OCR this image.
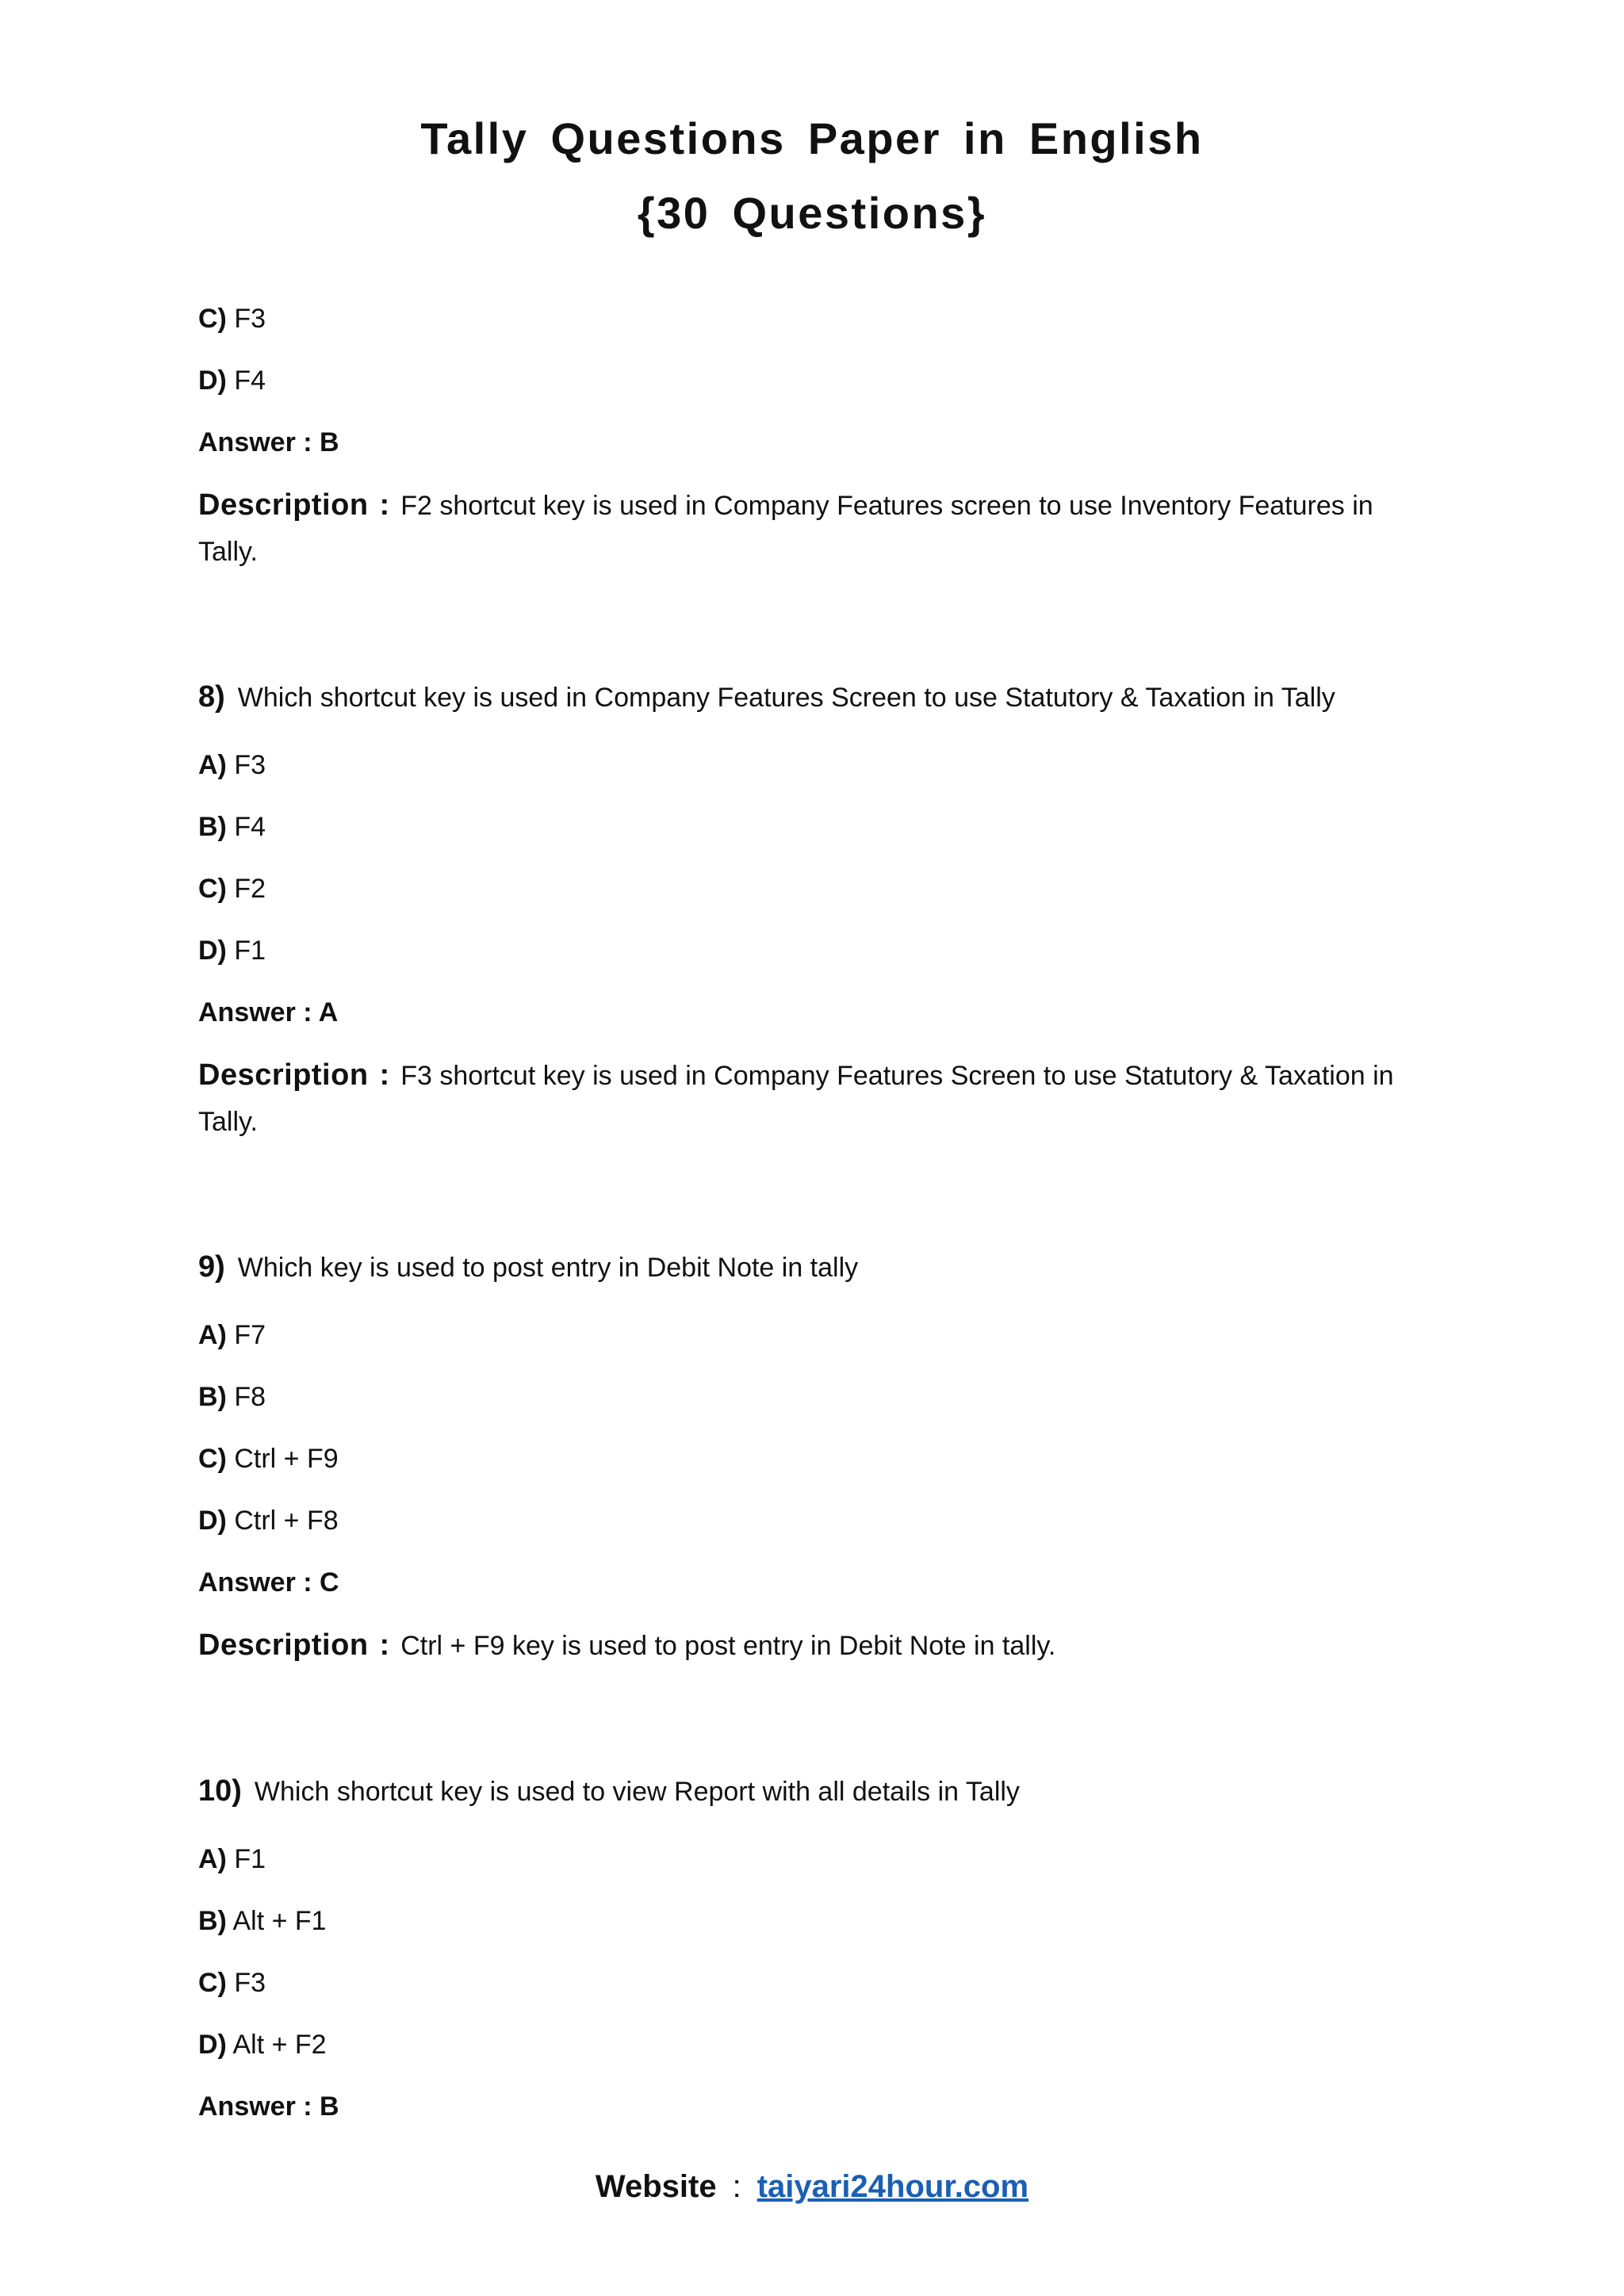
Tally Questions Paper in English
{30 Questions}
C) F3
D) F4
Answer : B
Description : F2 shortcut key is used in Company Features screen to use Inventory Features in Tally.
8) Which shortcut key is used in Company Features Screen to use Statutory & Taxation in Tally
A) F3
B) F4
C) F2
D) F1
Answer : A
Description : F3 shortcut key is used in Company Features Screen to use Statutory & Taxation in Tally.
9) Which key is used to post entry in Debit Note in tally
A) F7
B) F8
C) Ctrl + F9
D) Ctrl + F8
Answer : C
Description : Ctrl + F9 key is used to post entry in Debit Note in tally.
10) Which shortcut key is used to view Report with all details in Tally
A) F1
B) Alt + F1
C) F3
D) Alt + F2
Answer : B
Website : taiyari24hour.com
